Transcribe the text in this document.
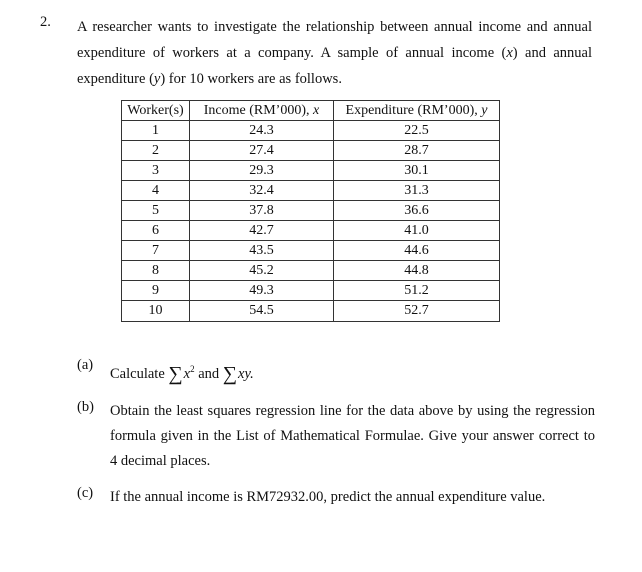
2. A researcher wants to investigate the relationship between annual income and annual
expenditure of workers at a company. A sample of annual income (x) and annual
expenditure (y) for 10 workers are as follows.
Worker(s)	Income (RM’000), x	Expenditure (RM’000), y
1	24.3	22.5
2	27.4	28.7
3	29.3	30.1
4	32.4	31.3
5	37.8	36.6
6	42.7	41.0
7	43.5	44.6
8	45.2	44.8
9	49.3	51.2
10	54.5	52.7
(a)
Calculate $\sum x^2$ and ∑xy.
(b) Obtain the least squares regression line for the data above by using the regression
formula given in the List of Mathematical Formulae. Give your answer correct to
4 decimal places.
(c) If the annual income is RM72932.00, predict the annual expenditure value.
